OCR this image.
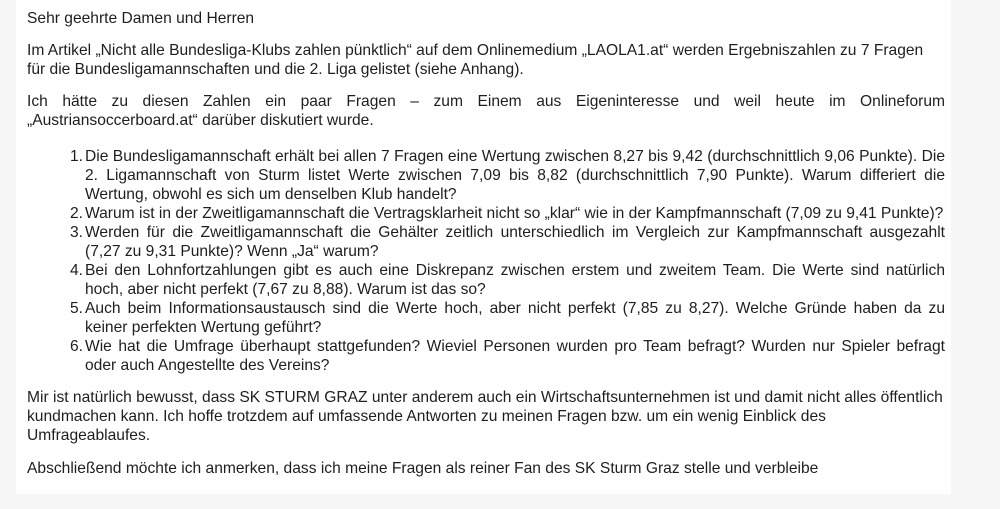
Sehr geehrte Damen und Herren

Im Artikel „Nicht alle Bundesliga-Klubs zahlen pünktlich“ auf dem Onlinemedium „LAOLA1.at“ werden Ergebniszahlen zu 7 Fragen für die Bundesligamannschaften und die 2. Liga gelistet (siehe Anhang).

Ich hätte zu diesen Zahlen ein paar Fragen – zum Einem aus Eigeninteresse und weil heute im Onlineforum „Austriansoccerboard.at“ darüber diskutiert wurde.

1. Die Bundesligamannschaft erhält bei allen 7 Fragen eine Wertung zwischen 8,27 bis 9,42 (durchschnittlich 9,06 Punkte). Die 2. Ligamannschaft von Sturm listet Werte zwischen 7,09 bis 8,82 (durchschnittlich 7,90 Punkte). Warum differiert die Wertung, obwohl es sich um denselben Klub handelt?
2. Warum ist in der Zweitligamannschaft die Vertragsklarheit nicht so „klar“ wie in der Kampfmannschaft (7,09 zu 9,41 Punkte)?
3. Werden für die Zweitligamannschaft die Gehälter zeitlich unterschiedlich im Vergleich zur Kampfmannschaft ausgezahlt (7,27 zu 9,31 Punkte)? Wenn „Ja“ warum?
4. Bei den Lohnfortzahlungen gibt es auch eine Diskrepanz zwischen erstem und zweitem Team. Die Werte sind natürlich hoch, aber nicht perfekt (7,67 zu 8,88). Warum ist das so?
5. Auch beim Informationsaustausch sind die Werte hoch, aber nicht perfekt (7,85 zu 8,27). Welche Gründe haben da zu keiner perfekten Wertung geführt?
6. Wie hat die Umfrage überhaupt stattgefunden? Wieviel Personen wurden pro Team befragt? Wurden nur Spieler befragt oder auch Angestellte des Vereins?

Mir ist natürlich bewusst, dass SK STURM GRAZ unter anderem auch ein Wirtschaftsunternehmen ist und damit nicht alles öffentlich kundmachen kann. Ich hoffe trotzdem auf umfassende Antworten zu meinen Fragen bzw. um ein wenig Einblick des Umfrageablaufes.

Abschließend möchte ich anmerken, dass ich meine Fragen als reiner Fan des SK Sturm Graz stelle und verbleibe
